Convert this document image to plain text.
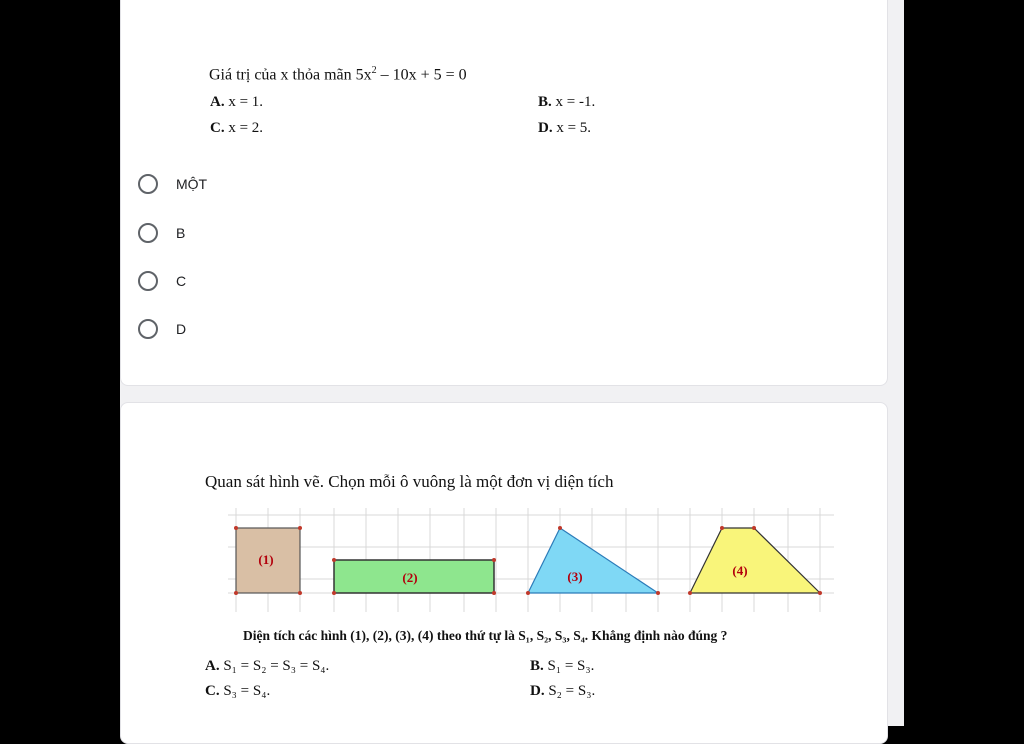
Giá trị của x thỏa mãn $5x^2 - 10x + 5 = 0$
A. x = 1.	B. x = -1.
C. x = 2.	D. x = 5.
MỘT
B
C
D
Quan sát hình vẽ. Chọn mỗi ô vuông là một đơn vị diện tích
(1)
(2)	(3)	(4)
Diện tích các hình (1), (2), (3), (4) theo thứ tự là S₁, S₂, S₃, S₄. Khẳng định nào đúng ?
A. S₁ = S₂ = S₃ = S₄.	B. S₁ = S₃.
C. S₃ = S₄.	D. S₂ = S₃.
